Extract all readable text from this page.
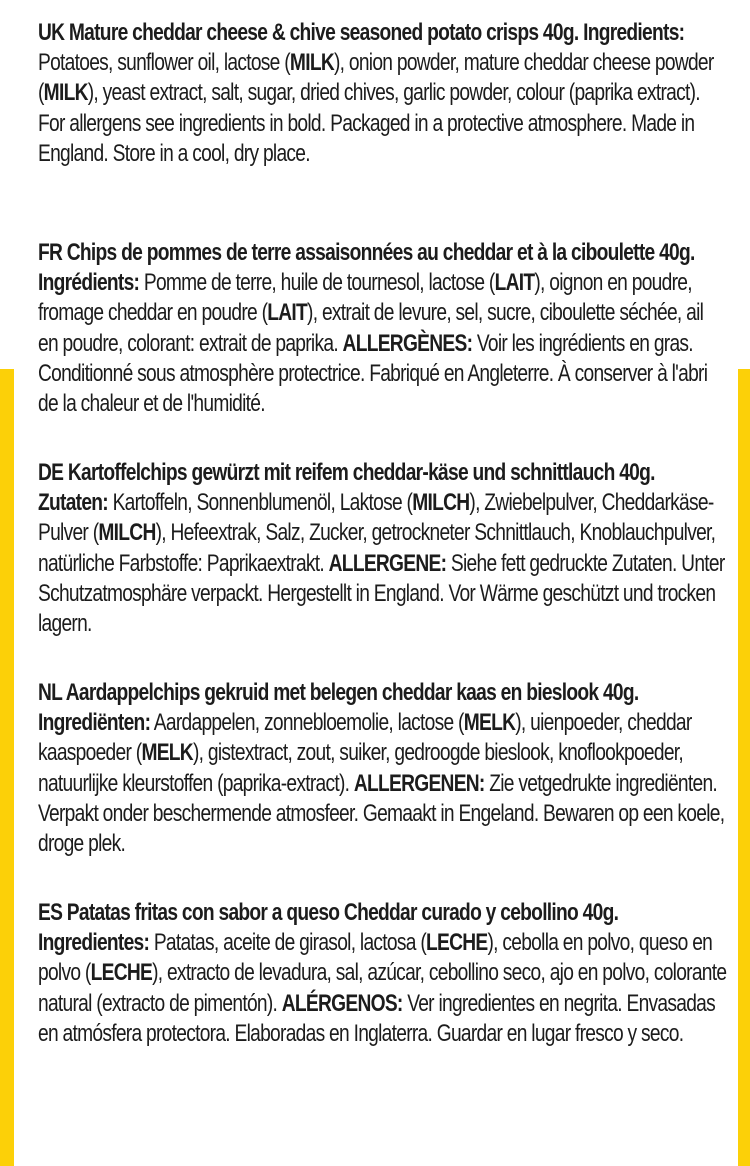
UK Mature cheddar cheese & chive seasoned potato crisps 40g. Ingredients: Potatoes, sunflower oil, lactose (MILK), onion powder, mature cheddar cheese powder (MILK), yeast extract, salt, sugar, dried chives, garlic powder, colour (paprika extract).

For allergens see ingredients in bold. Packaged in a protective atmosphere. Made in England. Store in a cool, dry place.

FR Chips de pommes de terre assaisonnées au cheddar et à la ciboulette 40g. Ingrédients: Pomme de terre, huile de tournesol, lactose (LAIT), oignon en poudre, fromage cheddar en poudre (LAIT), extrait de levure, sel, sucre, ciboulette séchée, ail en poudre, colorant: extrait de paprika. ALLERGÈNES: Voir les ingrédients en gras. Conditionné sous atmosphère protectrice. Fabriqué en Angleterre. À conserver à l'abri de la chaleur et de l'humidité.

DE Kartoffelchips gewürzt mit reifem cheddar-käse und schnittlauch 40g. Zutaten: Kartoffeln, Sonnenblumenöl, Laktose (MILCH), Zwiebelpulver, Cheddarkäse-Pulver (MILCH), Hefeextrak, Salz, Zucker, getrockneter Schnittlauch, Knoblauchpulver, natürliche Farbstoffe: Paprikaextrakt. ALLERGENE: Siehe fett gedruckte Zutaten. Unter Schutzatmosphäre verpackt. Hergestellt in England. Vor Wärme geschützt und trocken lagern.

NL Aardappelchips gekruid met belegen cheddar kaas en bieslook 40g. Ingrediënten: Aardappelen, zonnebloemolie, lactose (MELK), uienpoeder, cheddar kaaspoeder (MELK), gistextract, zout, suiker, gedroogde bieslook, knoflookpoeder, natuurlijke kleurstoffen (paprika-extract). ALLERGENEN: Zie vetgedrukte ingrediënten. Verpakt onder beschermende atmosfeer. Gemaakt in Engeland. Bewaren op een koele, droge plek.

ES Patatas fritas con sabor a queso Cheddar curado y cebollino 40g. Ingredientes: Patatas, aceite de girasol, lactosa (LECHE), cebolla en polvo, queso en polvo (LECHE), extracto de levadura, sal, azúcar, cebollino seco, ajo en polvo, colorante natural (extracto de pimentón). ALÉRGENOS: Ver ingredientes en negrita. Envasadas en atmósfera protectora. Elaboradas en Inglaterra. Guardar en lugar fresco y seco.
